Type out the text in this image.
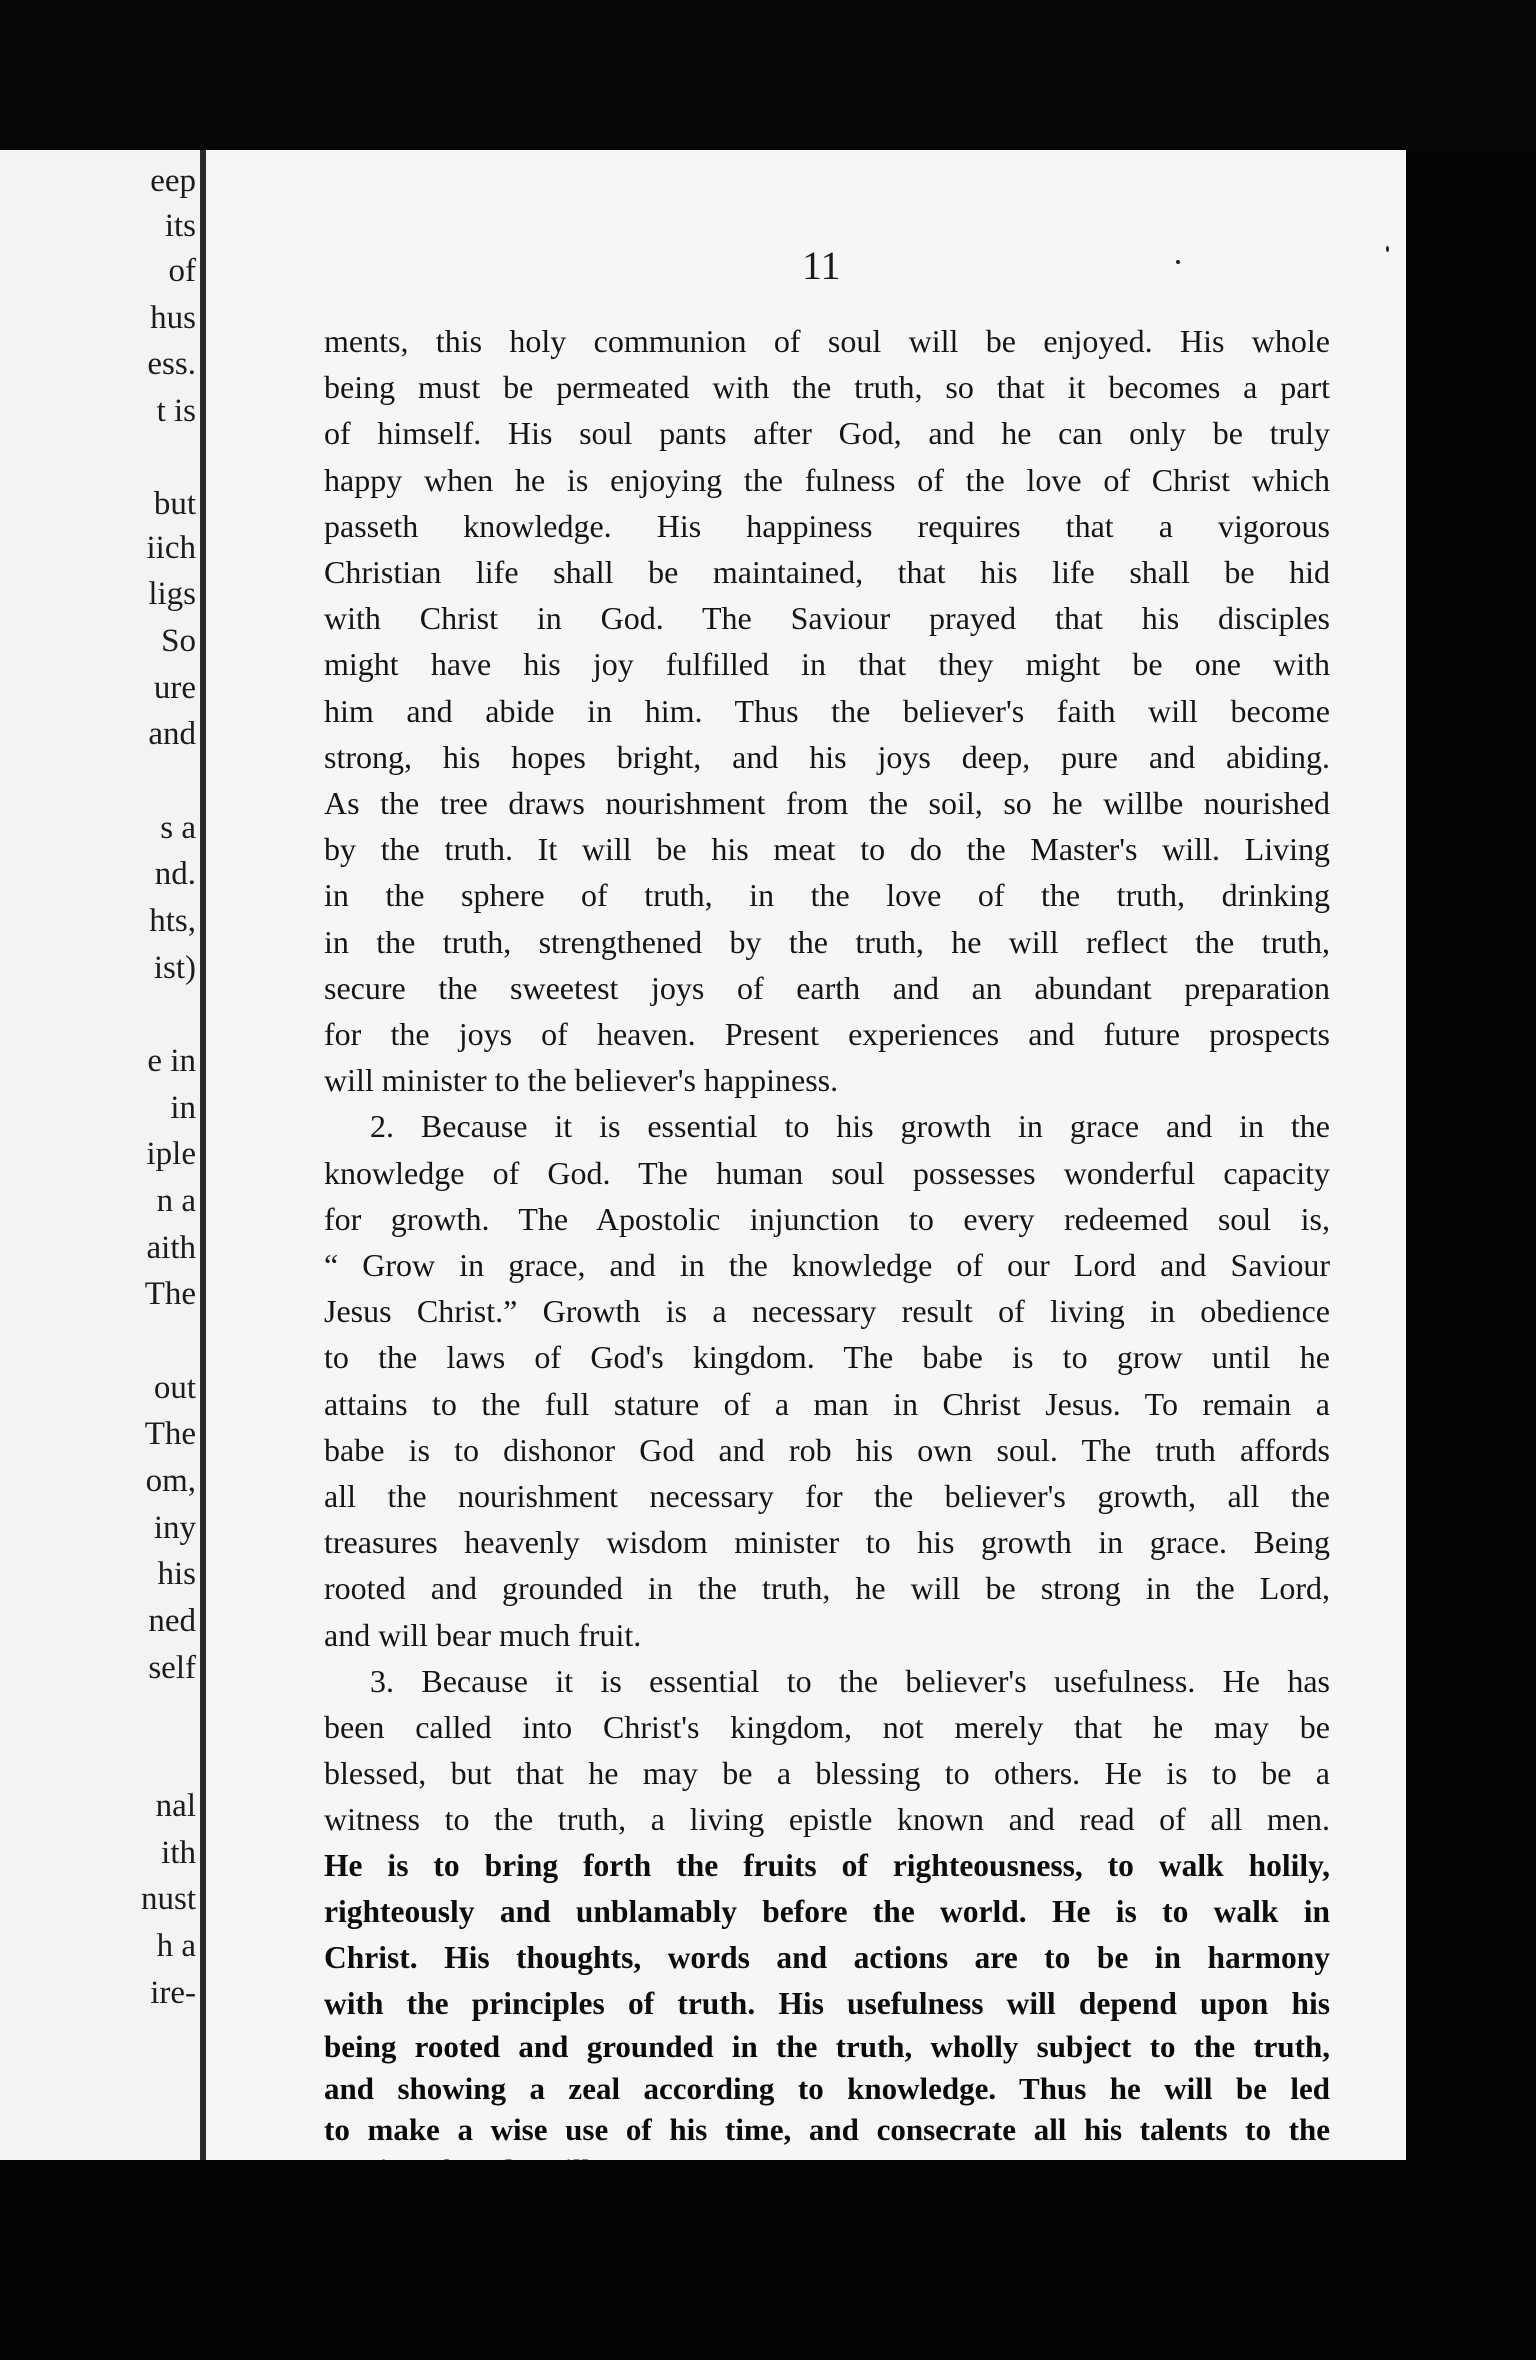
eep
its
of
hus
ess.
t is
but
iich
ligs
So
ure
and
s a
nd.
hts,
ist)
e in
in
iple
n a
aith
The
out
The
om,
iny
his
ned
self
nal
ith
nust
h a
ire-
11
ments, this holy communion of soul will be enjoyed. His whole
being must be permeated with the truth, so that it becomes a part
of himself. His soul pants after God, and he can only be truly
happy when he is enjoying the fulness of the love of Christ which
passeth knowledge. His happiness requires that a vigorous
Christian life shall be maintained, that his life shall be hid
with Christ in God. The Saviour prayed that his disciples
might have his joy fulfilled in that they might be one with
him and abide in him. Thus the believer's faith will become
strong, his hopes bright, and his joys deep, pure and abiding.
As the tree draws nourishment from the soil, so he willbe nourished
by the truth. It will be his meat to do the Master's will. Living
in the sphere of truth, in the love of the truth, drinking
in the truth, strengthened by the truth, he will reflect the truth,
secure the sweetest joys of earth and an abundant preparation
for the joys of heaven. Present experiences and future prospects
will minister to the believer's happiness.
2. Because it is essential to his growth in grace and in the
knowledge of God. The human soul possesses wonderful capacity
for growth. The Apostolic injunction to every redeemed soul is,
“ Grow in grace, and in the knowledge of our Lord and Saviour
Jesus Christ.” Growth is a necessary result of living in obedience
to the laws of God's kingdom. The babe is to grow until he
attains to the full stature of a man in Christ Jesus. To remain a
babe is to dishonor God and rob his own soul. The truth affords
all the nourishment necessary for the believer's growth, all the
treasures heavenly wisdom minister to his growth in grace. Being
rooted and grounded in the truth, he will be strong in the Lord,
and will bear much fruit.
3. Because it is essential to the believer's usefulness. He has
been called into Christ's kingdom, not merely that he may be
blessed, but that he may be a blessing to others. He is to be a
witness to the truth, a living epistle known and read of all men.
He is to bring forth the fruits of righteousness, to walk holily,
righteously and unblamably before the world. He is to walk in
Christ. His thoughts, words and actions are to be in harmony
with the principles of truth. His usefulness will depend upon his
being rooted and grounded in the truth, wholly subject to the truth,
and showing a zeal according to knowledge. Thus he will be led
to make a wise use of his time, and consecrate all his talents to the
